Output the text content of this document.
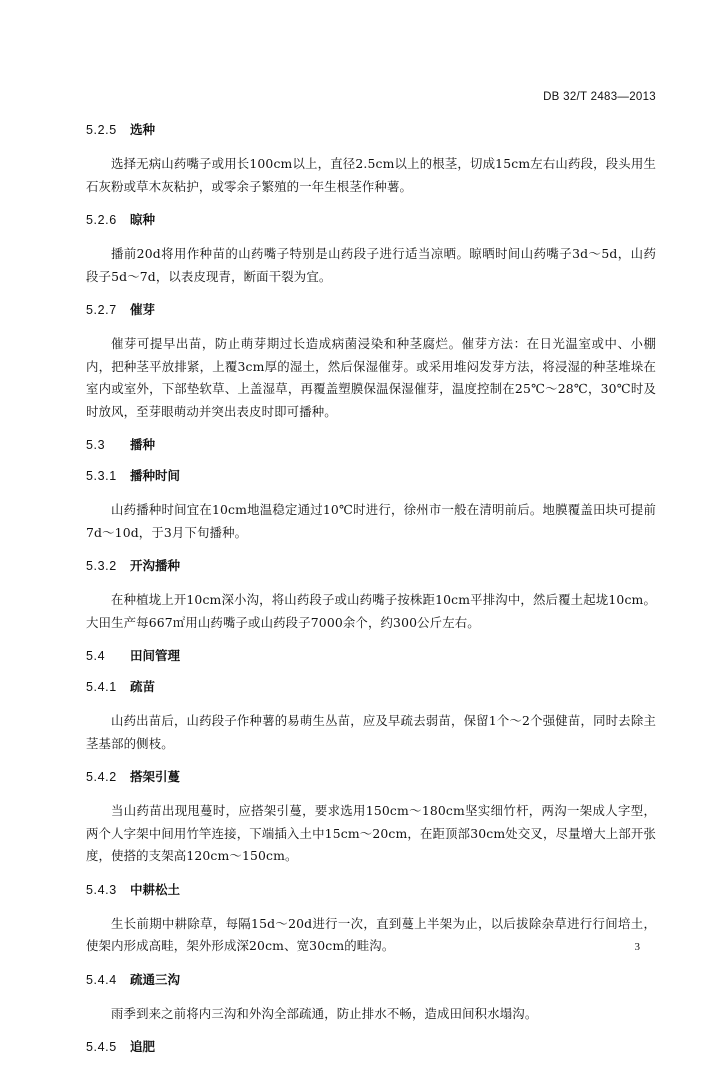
DB 32/T 2483—2013
5.2.5	选种

选择无病山药嘴子或用长100cm以上，直径2.5cm以上的根茎，切成15cm左右山药段，段头用生石灰粉或草木灰粘护，或零余子繁殖的一年生根茎作种薯。

5.2.6	晾种

播前20d将用作种苗的山药嘴子特别是山药段子进行适当凉晒。晾晒时间山药嘴子3d～5d，山药段子5d～7d，以表皮现青，断面干裂为宜。

5.2.7	催芽

催芽可提早出苗，防止萌芽期过长造成病菌浸染和种茎腐烂。催芽方法：在日光温室或中、小棚内，把种茎平放排紧，上覆3cm厚的湿土，然后保湿催芽。或采用堆闷发芽方法，将浸湿的种茎堆垛在室内或室外，下部垫软草、上盖湿草，再覆盖塑膜保温保湿催芽，温度控制在25℃～28℃，30℃时及时放风，至芽眼萌动并突出表皮时即可播种。

5.3	播种
5.3.1	播种时间

山药播种时间宜在10cm地温稳定通过10℃时进行，徐州市一般在清明前后。地膜覆盖田块可提前7d～10d，于3月下旬播种。

5.3.2	开沟播种

在种植垅上开10cm深小沟，将山药段子或山药嘴子按株距10cm平排沟中，然后覆土起垅10cm。大田生产每667㎡用山药嘴子或山药段子7000余个，约300公斤左右。

5.4	田间管理
5.4.1	疏苗

山药出苗后，山药段子作种薯的易萌生丛苗，应及早疏去弱苗，保留1个～2个强健苗，同时去除主茎基部的侧枝。

5.4.2	搭架引蔓

当山药苗出现甩蔓时，应搭架引蔓，要求选用150cm～180cm坚实细竹杆，两沟一架成人字型，两个人字架中间用竹竿连接，下端插入土中15cm～20cm，在距顶部30cm处交叉，尽量增大上部开张度，使搭的支架高120cm～150cm。

5.4.3	中耕松土

生长前期中耕除草，每隔15d～20d进行一次，直到蔓上半架为止，以后拔除杂草进行行间培土，使架内形成高畦，架外形成深20cm、宽30cm的畦沟。

5.4.4	疏通三沟

雨季到来之前将内三沟和外沟全部疏通，防止排水不畅，造成田间积水塌沟。

5.4.5	追肥
3
